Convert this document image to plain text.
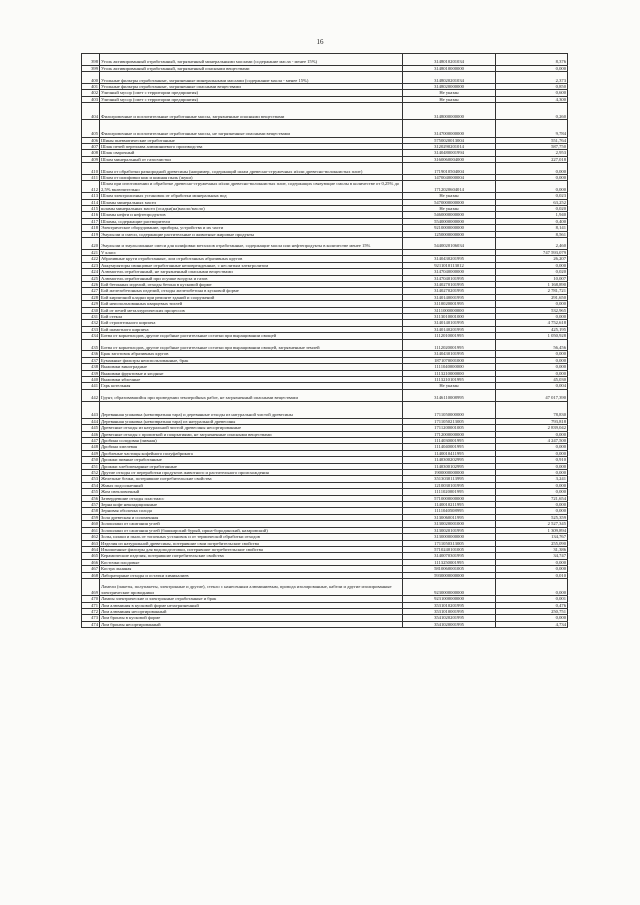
16
398	Уголь активированный отработанный, загрязненный минеральными маслами (содержание масла - менее 15%)	3148010201034	8,376
399	Уголь активированный отработанный, загрязненный опасными веществами	3148010000000	0,000
400	Угольные фильтры отработанные, загрязненные минеральными маслами (содержание масла - менее 15%)	3148020201034	2,373
401	Угольные фильтры отработанные, загрязненные опасными веществами	3148020000000	0,850
402	Уличный мусор (смет с территории предприятия)	Не указан	0,600
403	Уличный мусор (смет с территории предприятия)	Не указан	4,300
404	Фильтровочные и поглотительные отработанные массы, загрязненные опасными веществами	3148000000000	0,260
405	Фильтровочные и поглотительные отработанные массы, не загрязненные опасными веществами	3147000000000	9,784
406	Шины пневматические отработанные	5750020013004	551,764
407	Шлак печей переплава алюминиевого производства	3120290201014	587,750
408	Шлак сварочный	3140480001994	2,953
409	Шлам минеральный от газоочистки	3160060004000	227,018
410	Шлам от обработки разнородной древесины (например, содержащий шлам древесно-стружечных и/или древесно-волокнистых плит)	1719010504004	0,000
411	Шлам от шлифовки кож и кожная пыль (жуки)	1470040000004	0,000
412	Шлам при изготовлении и обработке древесно-стружечных и/или древесно-волокнистых плит, содержащих связующие смолы в количестве от 0,25% до 2,5% включительно	1712020604014	0,000
413	Шлам электролизных установок от обработки минеральных вод	Не указан	0,023
414	Шламы минеральных масел	5470000000000	63,252
415	шламы минеральных масел (осадки(на)масло/масло)	Не указан	0,020
416	Шламы нефти и нефтепродуктов	5460000000000	1,940
417	Шламы, содержащие растворители	5540000000000	0,400
418	Электрическое оборудование, приборы, устройства и их части	9210000000000	8,141
419	Эмульсии и смеси, содержащие растительные и животные жировые продукты	1250000000000	8,561
420	Эмульсии и эмульсионные смеси для шлифовки металлов отработанные, содержащие масла или нефтепродукты в количестве менее 15%	5440020106034	2,460
421	V класс		747 593,079
422	Абразивные круги отработанные, лом отработанных абразивных кругов	3140430201995	26,207
423	Аккумуляторы свинцовые отработанные неповрежденные, с неслитым электролитом	9211010113012	0,000
424	Алюмогель отработанный, не загрязненный опасными веществами	3147040000000	0,020
425	Алюмогель отработанный при осушке воздуха и газов	3147040101995	10,007
426	Бой бетонных изделий, отходы бетона в кусковой форме	3140270101995	1 168,890
427	Бой железобетонных изделий, отходы железобетона в кусковой форме	3140270201995	2 781,721
428	Бой кирпичной кладки при ремонте зданий и сооружений	3140140001995	291,650
429	Бой неиспользованных кварцевых тиглей	3110020001995	0,000
430	Бой от печей металлургических процессов	3111000000000	532,965
431	Бой стекла	3113010001000	0,000
432	Бой строительного кирпича	3140140101995	4 752,618
433	Бой шамотного кирпича	3140140201995	425,195
434	Ботва от корнеплодов, другие подобные растительные остатки при выращивании овощей	1112010001995	1 050,928
435	Ботва от корнеплодов, другие подобные растительные остатки при выращивании овощей, загрязненные землей	1112020001995	56,456
436	Брак заготовок абразивных кругов	3140430101995	0,000
437	Бумажные фильтры неиспользованные, брак	1871070001000	0,000
438	Выжимки виноградные	1111040000000	0,000
439	Выжимки фруктовые и ягодные	1113210000000	0,000
440	Выжимки яблочные	1113210101995	45,030
441	Гарь котельная	Не указан	0,004
442	Грунт, образовавшийся при проведении землеройных работ, не загрязненный опасными веществами	3146110008995	47 017,390
443	Деревянная упаковка (невозвратная тара) и деревянные отходы из натуральной чистой древесины	1711050000000	78,830
444	Деревянная упаковка (невозвратная тара) из натуральной древесины	1711050213005	793,818
445	Древесные отходы из натуральной чистой древесины несортированные	1711200001005	2 839,042
446	Древесные отходы с пропиткой и покрытиями, не загрязненные опасными веществами	1712000000000	0,000
447	Дробина солодовая (пивная)	1114030001995	4 247,500
448	Дробина хмелевая	1114040001995	0,000
449	Дробленые частицы кофейного полуфабриката	1140010411995	0,000
450	Дрожжи пивные отработанные	1140300202995	0,910
451	Дрожжи хлебопекарные отработанные	1140300102995	0,000
452	Другие отходы от переработки продуктов животного и растительного происхождения	1900000000000	0,000
453	Железные бочки, потерявшие потребительские свойства	3513030113995	3,241
454	Жмых подсолнечный	1210030101995	0,000
455	Жом свекловичный	1111020001995	0,000
456	Затвердевшие отходы пластмасс	5710000000000	721,654
457	Зерна кофе некондиционные	1140010211995	0,000
458	Зерновая оболочка солода	1111040508995	0,000
459	Зола древесная и соломенная	3130060011995	525,359
460	Золошлаки от сжигания углей	3130020001000	2 527,345
461	Золошлаки от сжигания углей (башкирский бурый, ирша-бородинский, назаровский)	3130020101995	1 309,894
462	Золы, шлаки и пыль от топочных установок и от термической обработки отходов	3130000000000	134,767
463	Изделия из натуральной древесины, потерявшие свои потребительские свойства	1711050313005	255,090
464	Изношенные фильтры для водоподготовки, потерявшие потребительские свойства	5710240101005	31,386
465	Керамические изделия, потерявшие потребительские свойства	3140070301995	34,747
466	Косточки плодовые	1113250001995	0,000
467	Костра льняная	5810060001005	0,000
468	Лабораторные отходы и остатки химикалиев	5930000000000	0,010
469	Ламели (пакеты, полупакеты, электронные и другие), стекло с нанесенным алюминиевым, провода изолированные, кабели и другие изолированные электрические проводники	9230000000000	0,000
470	Лампы электрические и электронные отработанные и брак	9231000000000	0,001
471	Лом алюминия в кусковой форме незагрязненный	3531010201995	0,476
472	Лом алюминия несортированный	3531010001995	250,751
473	Лом бронзы в кусковой форме	3541020201995	0,000
474	Лом бронзы несортированный	3541020001995	4,734
